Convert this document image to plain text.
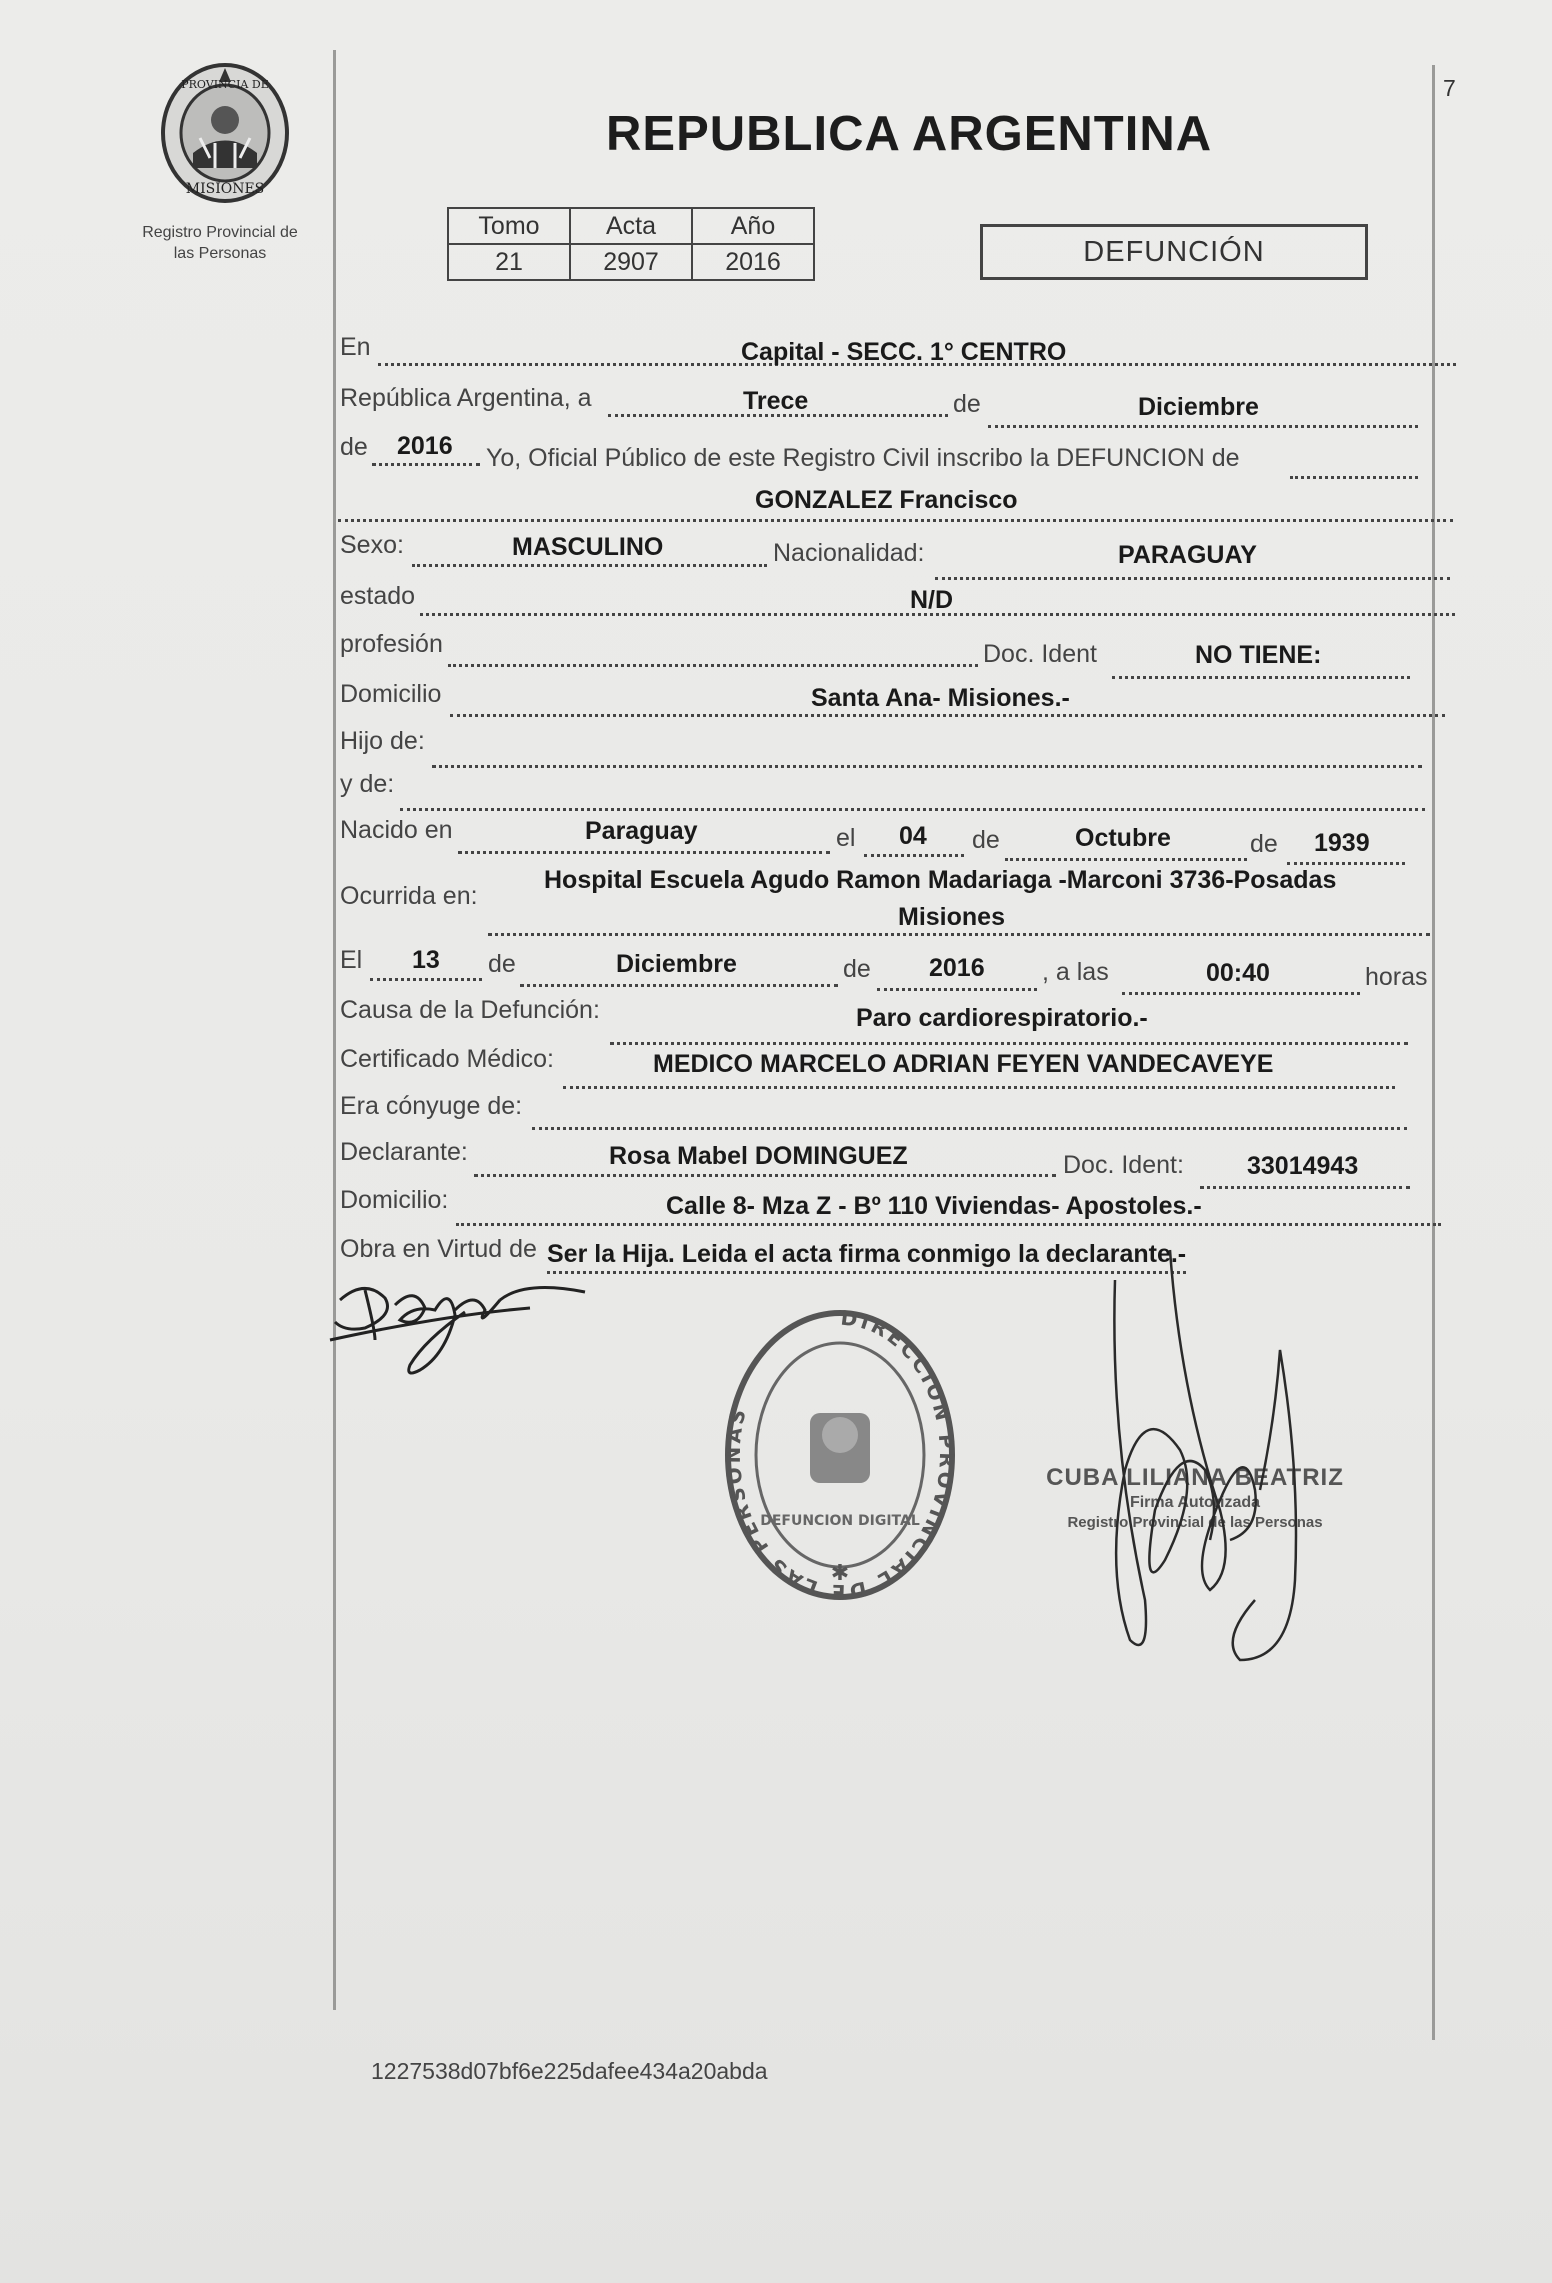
PROVINCIA DE
MISIONES
Registro Provincial de
las Personas
REPUBLICA ARGENTINA
7
Tomo	Acta	Año
21	2907	2016	DEFUNCIÓN
En	Capital - SECC. 1° CENTRO
República Argentina, a	Trece	de	Diciembre
de 2016 Yo, Oficial Público de este Registro Civil inscribo la DEFUNCION de
GONZALEZ Francisco
Sexo:	MASCULINO	Nacionalidad:	PARAGUAY
estado	N/D
profesión	Doc. Ident	NO TIENE:
Domicilio	Santa Ana- Misiones.-
Hijo de:
y de:
Nacido en	Paraguay	el 04 de	Octubre	de 1939
Ocurrida en:
Hospital Escuela Agudo Ramon Madariaga -Marconi 3736-Posadas
Misiones
El 13 de	Diciembre	de 2016 , a las	00:40	horas
Causa de la Defunción:	Paro cardiorespiratorio.-
Certificado Médico:	MEDICO MARCELO ADRIAN FEYEN VANDECAVEYE
Era cónyuge de:
Declarante:	Rosa Mabel DOMINGUEZ	Doc. Ident:	33014943
Domicilio:	Calle 8- Mza Z - Bº 110 Viviendas- Apostoles.-
Obra en Virtud de Ser la Hija. Leida el acta firma conmigo la declarante.-
DIRECCION PROVINCIAL DE LAS PERSONAS
DEFUNCION DIGITAL
✱
CUBA LILIANA BEATRIZ
Firma Autorizada
Registro Provincial de las Personas
1227538d07bf6e225dafee434a20abda
